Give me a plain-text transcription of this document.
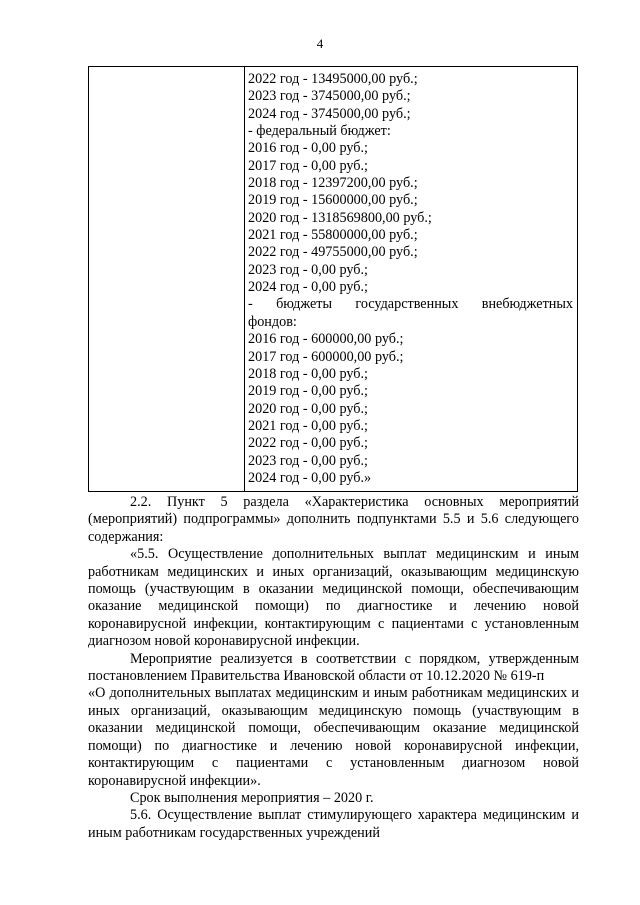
4
2022 год - 13495000,00 руб.;
2023 год - 3745000,00 руб.;
2024 год - 3745000,00 руб.;
- федеральный бюджет:
2016 год - 0,00 руб.;
2017 год - 0,00 руб.;
2018 год - 12397200,00 руб.;
2019 год - 15600000,00 руб.;
2020 год - 1318569800,00 руб.;
2021 год - 55800000,00 руб.;
2022 год - 49755000,00 руб.;
2023 год - 0,00 руб.;
2024 год - 0,00 руб.;
- бюджеты государственных внебюджетных
фондов:
2016 год - 600000,00 руб.;
2017 год - 600000,00 руб.;
2018 год - 0,00 руб.;
2019 год - 0,00 руб.;
2020 год - 0,00 руб.;
2021 год - 0,00 руб.;
2022 год - 0,00 руб.;
2023 год - 0,00 руб.;
2024 год - 0,00 руб.»

2.2. Пункт 5 раздела «Характеристика основных мероприятий (мероприятий) подпрограммы» дополнить подпунктами 5.5 и 5.6 следующего содержания:

«5.5. Осуществление дополнительных выплат медицинским и иным работникам медицинских и иных организаций, оказывающим медицинскую помощь (участвующим в оказании медицинской помощи, обеспечивающим оказание медицинской помощи) по диагностике и лечению новой коронавирусной инфекции, контактирующим с пациентами с установленным диагнозом новой коронавирусной инфекции.

Мероприятие реализуется в соответствии с порядком, утвержденным постановлением Правительства Ивановской области от 10.12.2020 № 619-п

«О дополнительных выплатах медицинским и иным работникам медицинских и иных организаций, оказывающим медицинскую помощь (участвующим в оказании медицинской помощи, обеспечивающим оказание медицинской помощи) по диагностике и лечению новой коронавирусной инфекции, контактирующим с пациентами с установленным диагнозом новой коронавирусной инфекции».

Срок выполнения мероприятия – 2020 г.

5.6. Осуществление выплат стимулирующего характера медицинским и иным работникам государственных учреждений
